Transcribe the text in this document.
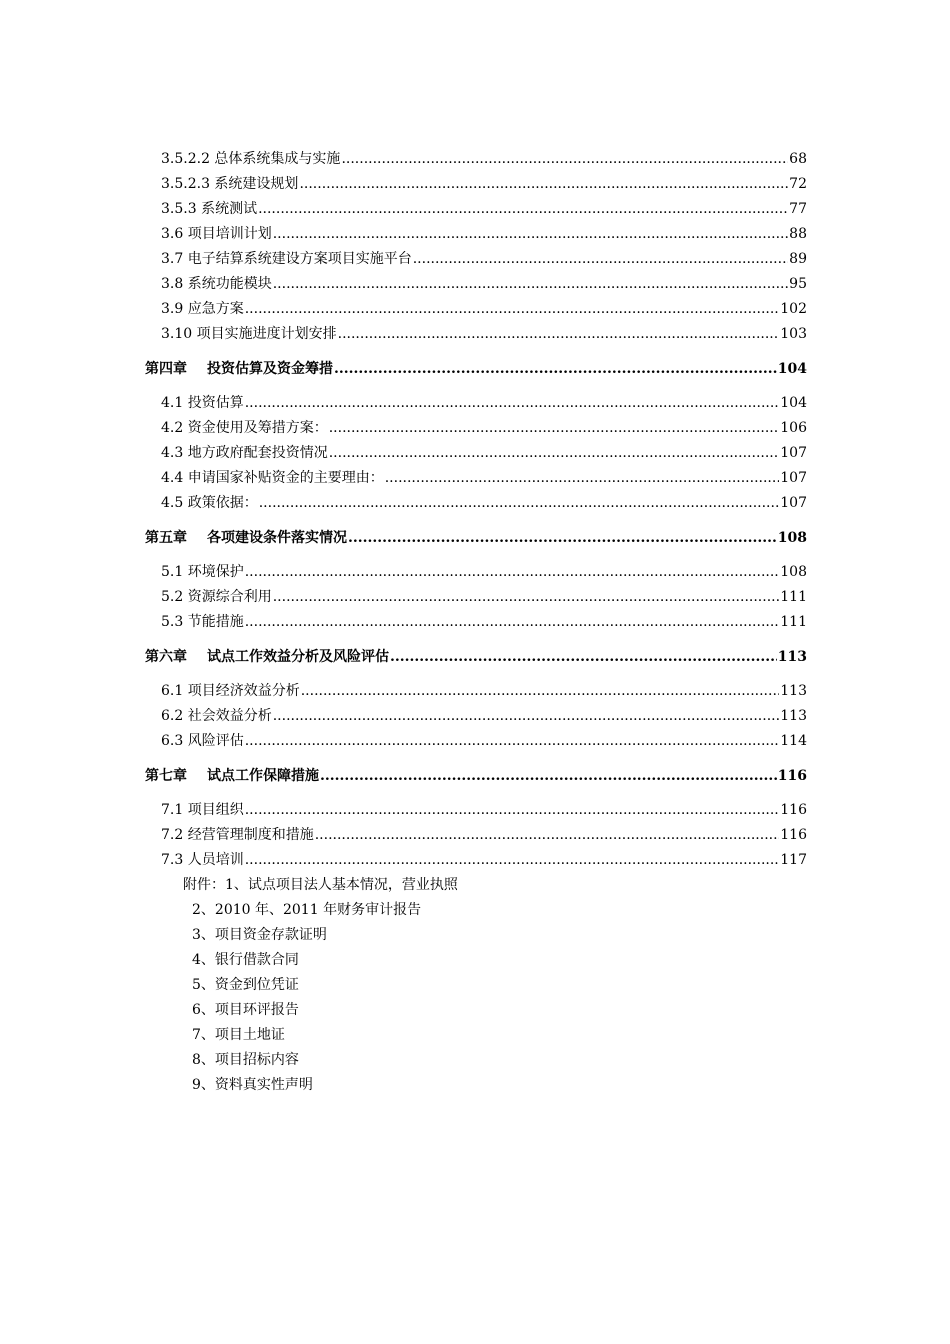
3.5.2.2 总体系统集成与实施 .....	68
3.5.2.3 系统建设规划 .....	72
3.5.3 系统测试 .....	77
3.6 项目培训计划 .....	88
3.7 电子结算系统建设方案项目实施平台 .....	89
3.8 系统功能模块 .....	95
3.9 应急方案 .....	102
3.10 项目实施进度计划安排 .....	103
第四章 投资估算及资金筹措 .....	104
4.1 投资估算 .....	104
4.2 资金使用及筹措方案： .....	106
4.3 地方政府配套投资情况 .....	107
4.4 申请国家补贴资金的主要理由： .....	107
4.5 政策依据： .....	107
第五章 各项建设条件落实情况 .....	108
5.1 环境保护 .....	108
5.2 资源综合利用 .....	111
5.3 节能措施 .....	111
第六章 试点工作效益分析及风险评估 .....	113
6.1 项目经济效益分析 .....	113
6.2 社会效益分析 .....	113
6.3 风险评估 .....	114
第七章 试点工作保障措施 .....	116
7.1 项目组织 .....	116
7.2 经营管理制度和措施 .....	116
7.3 人员培训 .....	117
附件：1、试点项目法人基本情况，营业执照
2、2010 年、2011 年财务审计报告
3、项目资金存款证明
4、银行借款合同
5、资金到位凭证
6、项目环评报告
7、项目土地证
8、项目招标内容
9、资料真实性声明
